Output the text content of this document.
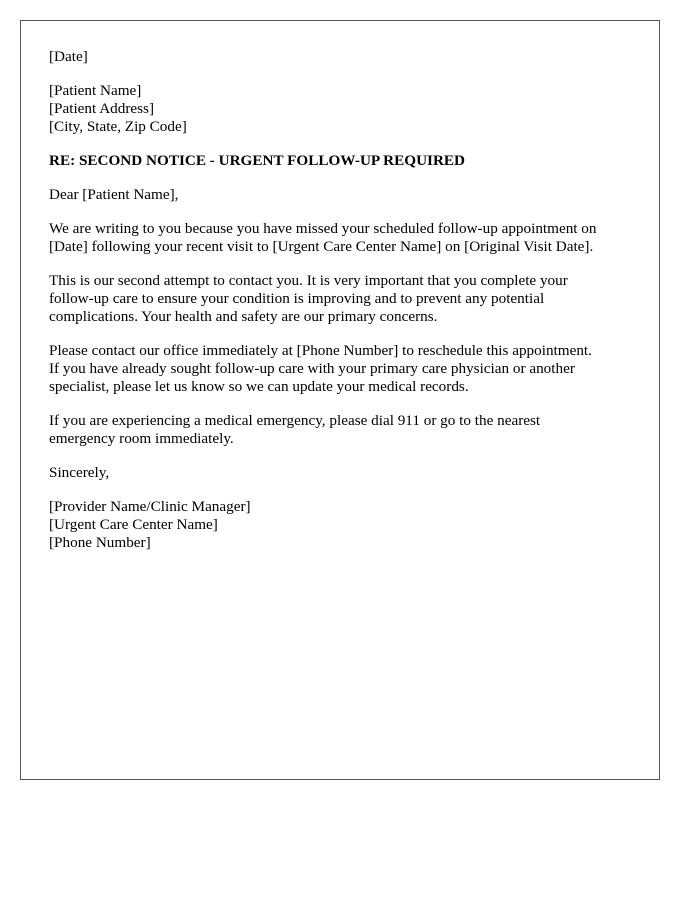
[Date]
[Patient Name]
[Patient Address]
[City, State, Zip Code]
RE: SECOND NOTICE - URGENT FOLLOW-UP REQUIRED

Dear [Patient Name],

We are writing to you because you have missed your scheduled follow-up appointment on
[Date] following your recent visit to [Urgent Care Center Name] on [Original Visit Date].

This is our second attempt to contact you. It is very important that you complete your
follow-up care to ensure your condition is improving and to prevent any potential
complications. Your health and safety are our primary concerns.

Please contact our office immediately at [Phone Number] to reschedule this appointment.
If you have already sought follow-up care with your primary care physician or another
specialist, please let us know so we can update your medical records.

If you are experiencing a medical emergency, please dial 911 or go to the nearest
emergency room immediately.

Sincerely,

[Provider Name/Clinic Manager]
[Urgent Care Center Name]
[Phone Number]
